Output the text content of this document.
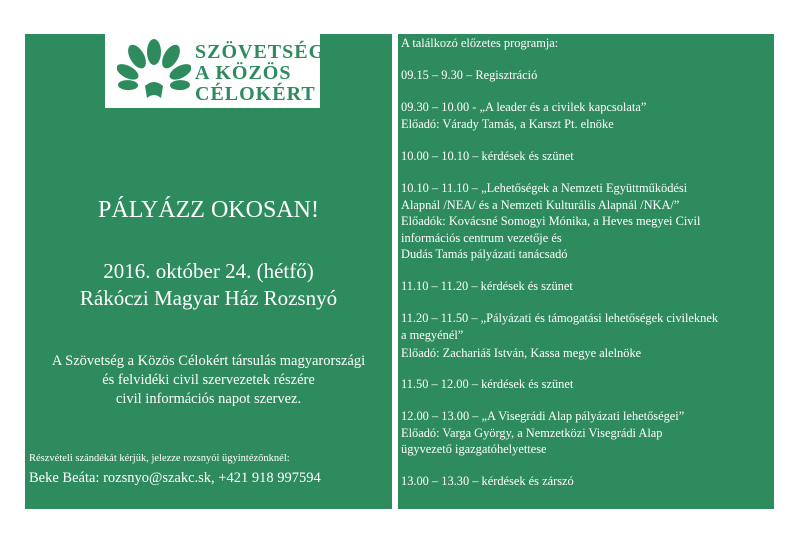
SZÖVETSÉG
A KÖZÖS
CÉLOKÉRT
PÁLYÁZZ OKOSAN!
2016. október 24. (hétfő)
Rákóczi Magyar Ház Rozsnyó
A Szövetség a Közös Célokért társulás magyarországi
és felvidéki civil szervezetek részére
civil információs napot szervez.
Részvételi szándékát kérjük, jelezze rozsnyói ügyintézőnknél:
Beke Beáta: rozsnyo@szakc.sk, +421 918 997594
A találkozó előzetes programja:
09.15 – 9.30 – Regisztráció
09.30 – 10.00 - „A leader és a civilek kapcsolata”
Előadó: Várady Tamás, a Karszt Pt. elnöke
10.00 – 10.10 – kérdések és szünet
10.10 – 11.10 – „Lehetőségek a Nemzeti Együttműködési
Alapnál /NEA/ és a Nemzeti Kulturális Alapnál /NKA/”
Előadók: Kovácsné Somogyi Mónika, a Heves megyei Civil
információs centrum vezetője és
Dudás Tamás pályázati tanácsadó
11.10 – 11.20 – kérdések és szünet
11.20 – 11.50 – „Pályázati és támogatási lehetőségek civileknek
a megyénél”
Előadó: Zachariáš István, Kassa megye alelnöke
11.50 – 12.00 – kérdések és szünet
12.00 – 13.00 – „A Visegrádi Alap pályázati lehetőségei”
Előadó: Varga György, a Nemzetközi Visegrádi Alap
ügyvezető igazgatóhelyettese
13.00 – 13.30 – kérdések és zárszó
